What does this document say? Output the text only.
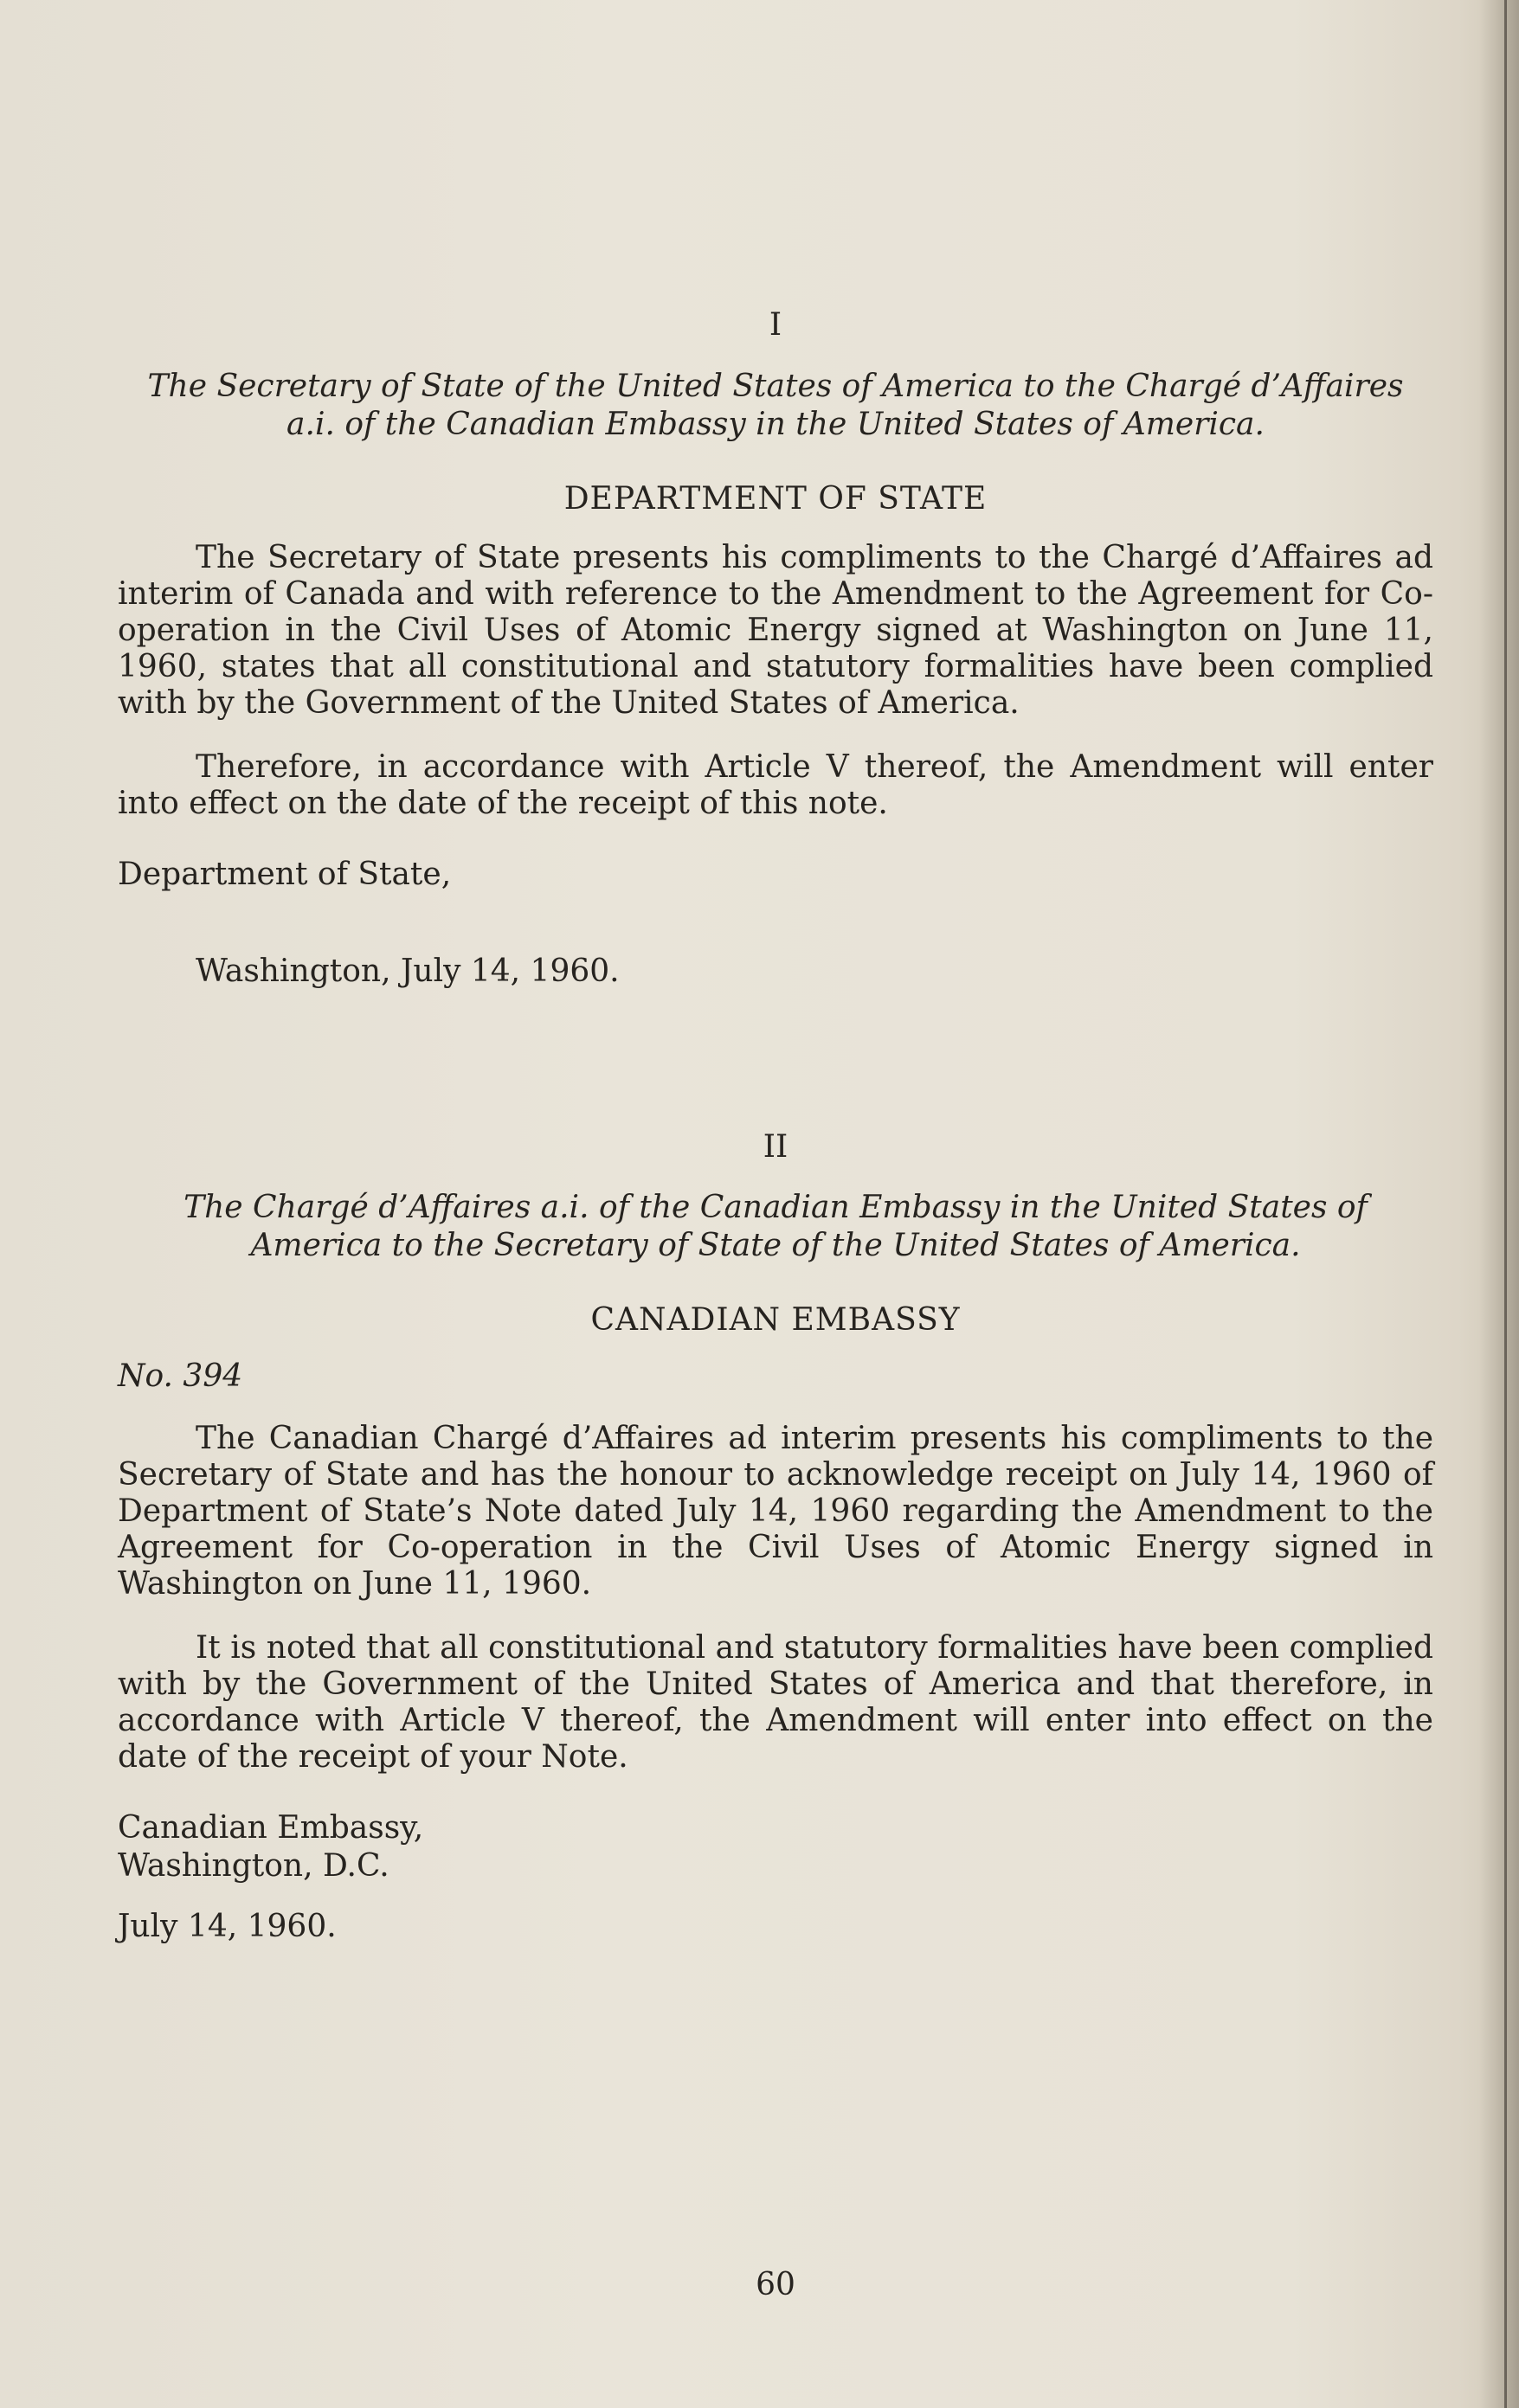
I
The Secretary of State of the United States of America to the Chargé d’Affaires a.i. of the Canadian Embassy in the United States of America.
DEPARTMENT OF STATE
The Secretary of State presents his compliments to the Chargé d’Affaires ad interim of Canada and with reference to the Amendment to the Agreement for Co-operation in the Civil Uses of Atomic Energy signed at Washington on June 11, 1960, states that all constitutional and statutory formalities have been complied with by the Government of the United States of America.
Therefore, in accordance with Article V thereof, the Amendment will enter into effect on the date of the receipt of this note.
Department of State,
Washington, July 14, 1960.
II
The Chargé d’Affaires a.i. of the Canadian Embassy in the United States of America to the Secretary of State of the United States of America.
CANADIAN EMBASSY
No. 394
The Canadian Chargé d’Affaires ad interim presents his compliments to the Secretary of State and has the honour to acknowledge receipt on July 14, 1960 of Department of State’s Note dated July 14, 1960 regarding the Amendment to the Agreement for Co-operation in the Civil Uses of Atomic Energy signed in Washington on June 11, 1960.
It is noted that all constitutional and statutory formalities have been complied with by the Government of the United States of America and that therefore, in accordance with Article V thereof, the Amendment will enter into effect on the date of the receipt of your Note.
Canadian Embassy,
Washington, D.C.
July 14, 1960.
60
